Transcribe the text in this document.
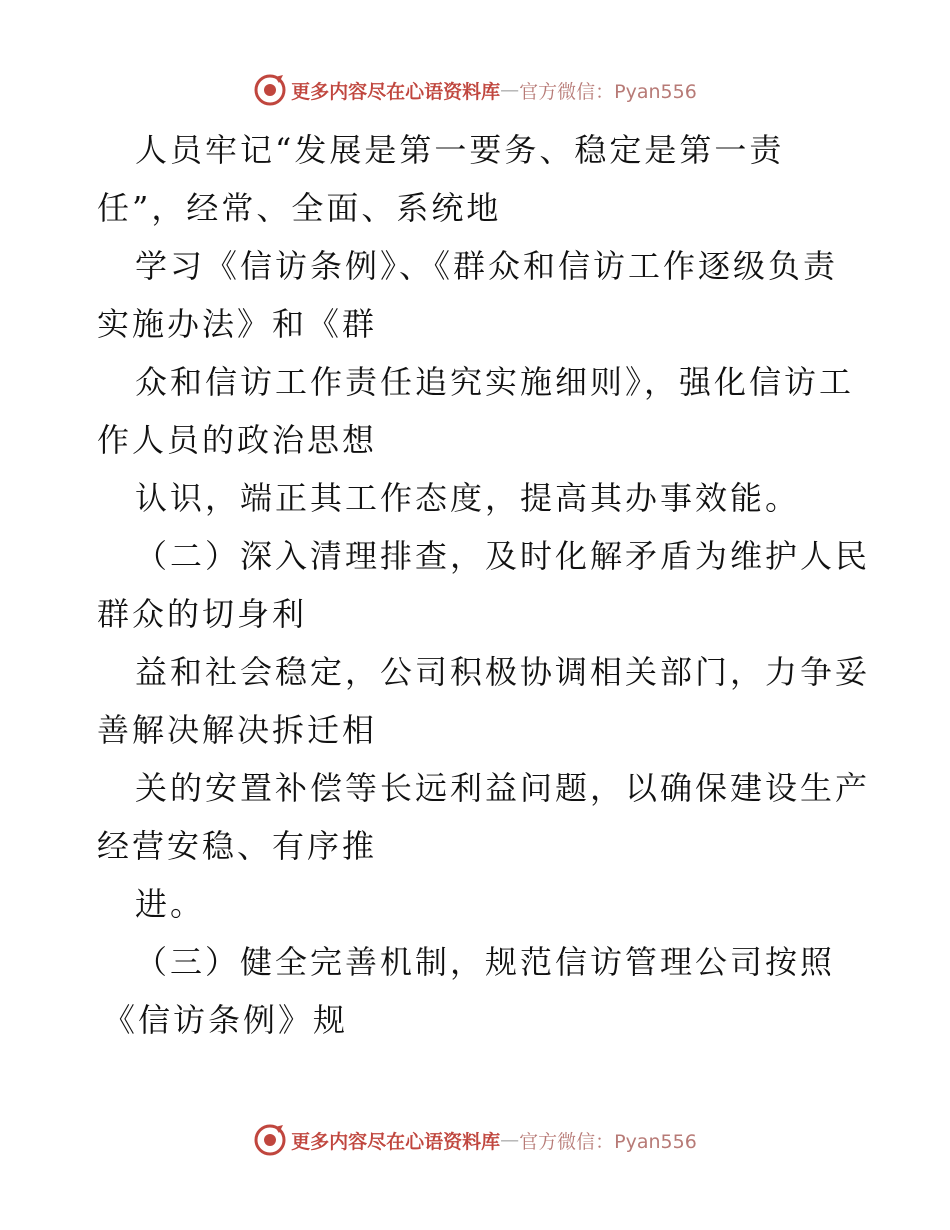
更多内容尽在心语资料库 — 官方微信：Pyan556
人员牢记“发展是第一要务、稳定是第一责
任”，经常、全面、系统地
学习《信访条例》、《群众和信访工作逐级负责
实施办法》和《群
众和信访工作责任追究实施细则》，强化信访工
作人员的政治思想
认识，端正其工作态度，提高其办事效能。
（二）深入清理排查，及时化解矛盾为维护人民
群众的切身利
益和社会稳定，公司积极协调相关部门，力争妥
善解决解决拆迁相
关的安置补偿等长远利益问题，以确保建设生产
经营安稳、有序推
进。
（三）健全完善机制，规范信访管理公司按照
《信访条例》规
更多内容尽在心语资料库 — 官方微信：Pyan556
